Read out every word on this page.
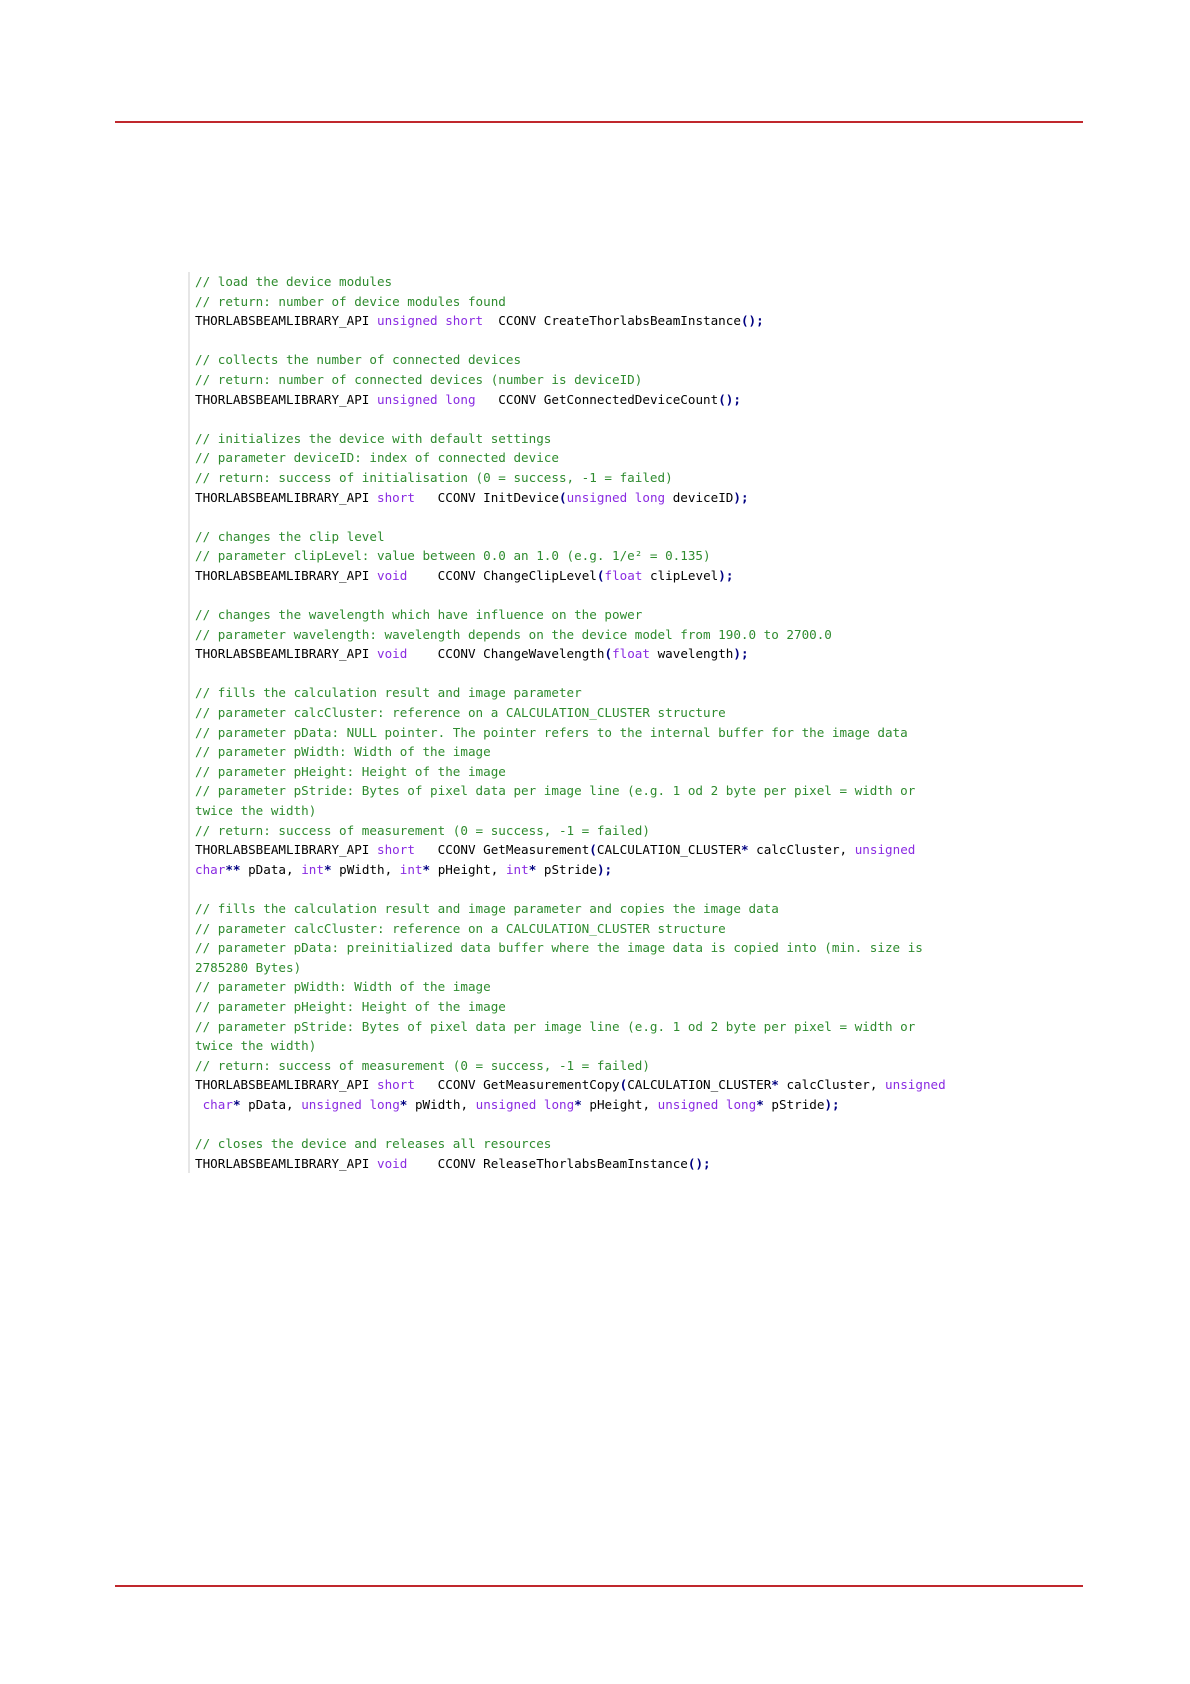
// load the device modules
// return: number of device modules found
THORLABSBEAMLIBRARY_API unsigned short  CCONV CreateThorlabsBeamInstance();

// collects the number of connected devices
// return: number of connected devices (number is deviceID)
THORLABSBEAMLIBRARY_API unsigned long   CCONV GetConnectedDeviceCount();

// initializes the device with default settings
// parameter deviceID: index of connected device
// return: success of initialisation (0 = success, -1 = failed)
THORLABSBEAMLIBRARY_API short   CCONV InitDevice(unsigned long deviceID);

// changes the clip level
// parameter clipLevel: value between 0.0 an 1.0 (e.g. 1/e² = 0.135)
THORLABSBEAMLIBRARY_API void    CCONV ChangeClipLevel(float clipLevel);

// changes the wavelength which have influence on the power
// parameter wavelength: wavelength depends on the device model from 190.0 to 2700.0
THORLABSBEAMLIBRARY_API void    CCONV ChangeWavelength(float wavelength);

// fills the calculation result and image parameter
// parameter calcCluster: reference on a CALCULATION_CLUSTER structure
// parameter pData: NULL pointer. The pointer refers to the internal buffer for the image data
// parameter pWidth: Width of the image
// parameter pHeight: Height of the image
// parameter pStride: Bytes of pixel data per image line (e.g. 1 od 2 byte per pixel = width or
twice the width)
// return: success of measurement (0 = success, -1 = failed)
THORLABSBEAMLIBRARY_API short   CCONV GetMeasurement(CALCULATION_CLUSTER* calcCluster, unsigned
char** pData, int* pWidth, int* pHeight, int* pStride);

// fills the calculation result and image parameter and copies the image data
// parameter calcCluster: reference on a CALCULATION_CLUSTER structure
// parameter pData: preinitialized data buffer where the image data is copied into (min. size is
2785280 Bytes)
// parameter pWidth: Width of the image
// parameter pHeight: Height of the image
// parameter pStride: Bytes of pixel data per image line (e.g. 1 od 2 byte per pixel = width or
twice the width)
// return: success of measurement (0 = success, -1 = failed)
THORLABSBEAMLIBRARY_API short   CCONV GetMeasurementCopy(CALCULATION_CLUSTER* calcCluster, unsigned
char* pData, unsigned long* pWidth, unsigned long* pHeight, unsigned long* pStride);

// closes the device and releases all resources
THORLABSBEAMLIBRARY_API void    CCONV ReleaseThorlabsBeamInstance();
